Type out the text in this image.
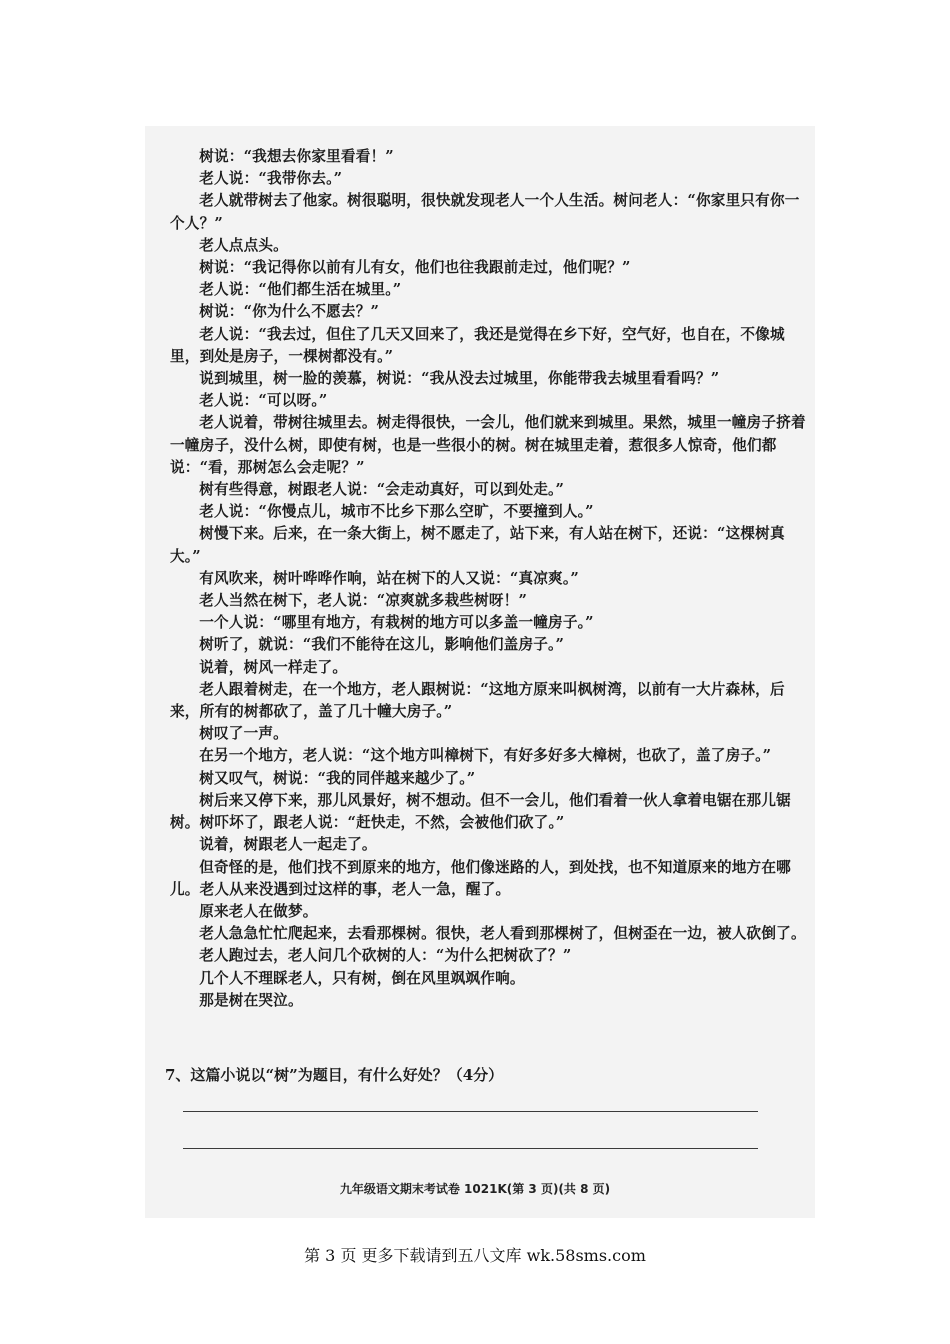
树说：“我想去你家里看看！”

老人说：“我带你去。”

老人就带树去了他家。树很聪明，很快就发现老人一个人生活。树问老人：“你家里只有你一个人？”

老人点点头。

树说：“我记得你以前有儿有女，他们也往我跟前走过，他们呢？”

老人说：“他们都生活在城里。”

树说：“你为什么不愿去？”

老人说：“我去过，但住了几天又回来了，我还是觉得在乡下好，空气好，也自在，不像城里，到处是房子，一棵树都没有。”

说到城里，树一脸的羡慕，树说：“我从没去过城里，你能带我去城里看看吗？”

老人说：“可以呀。”

老人说着，带树往城里去。树走得很快，一会儿，他们就来到城里。果然，城里一幢房子挤着一幢房子，没什么树，即使有树，也是一些很小的树。树在城里走着，惹很多人惊奇，他们都说：“看，那树怎么会走呢？”

树有些得意，树跟老人说：“会走动真好，可以到处走。”

老人说：“你慢点儿，城市不比乡下那么空旷，不要撞到人。”

树慢下来。后来，在一条大街上，树不愿走了，站下来，有人站在树下，还说：“这棵树真大。”

有风吹来，树叶哗哗作响，站在树下的人又说：“真凉爽。”

老人当然在树下，老人说：“凉爽就多栽些树呀！”

一个人说：“哪里有地方，有栽树的地方可以多盖一幢房子。”

树听了，就说：“我们不能待在这儿，影响他们盖房子。”

说着，树风一样走了。

老人跟着树走，在一个地方，老人跟树说：“这地方原来叫枫树湾，以前有一大片森林，后来，所有的树都砍了，盖了几十幢大房子。”

树叹了一声。

在另一个地方，老人说：“这个地方叫樟树下，有好多好多大樟树，也砍了，盖了房子。”

树又叹气，树说：“我的同伴越来越少了。”

树后来又停下来，那儿风景好，树不想动。但不一会儿，他们看着一伙人拿着电锯在那儿锯树。树吓坏了，跟老人说：“赶快走，不然，会被他们砍了。”

说着，树跟老人一起走了。

但奇怪的是，他们找不到原来的地方，他们像迷路的人，到处找，也不知道原来的地方在哪儿。老人从来没遇到过这样的事，老人一急，醒了。

原来老人在做梦。

老人急急忙忙爬起来，去看那棵树。很快，老人看到那棵树了，但树歪在一边，被人砍倒了。

老人跑过去，老人问几个砍树的人：“为什么把树砍了？”

几个人不理睬老人，只有树，倒在风里飒飒作响。

那是树在哭泣。

7、这篇小说以“树”为题目，有什么好处？（4分）
九年级语文期末考试卷 1021K(第 3 页)(共 8 页)
第 3 页 更多下载请到五八文库 wk.58sms.com
